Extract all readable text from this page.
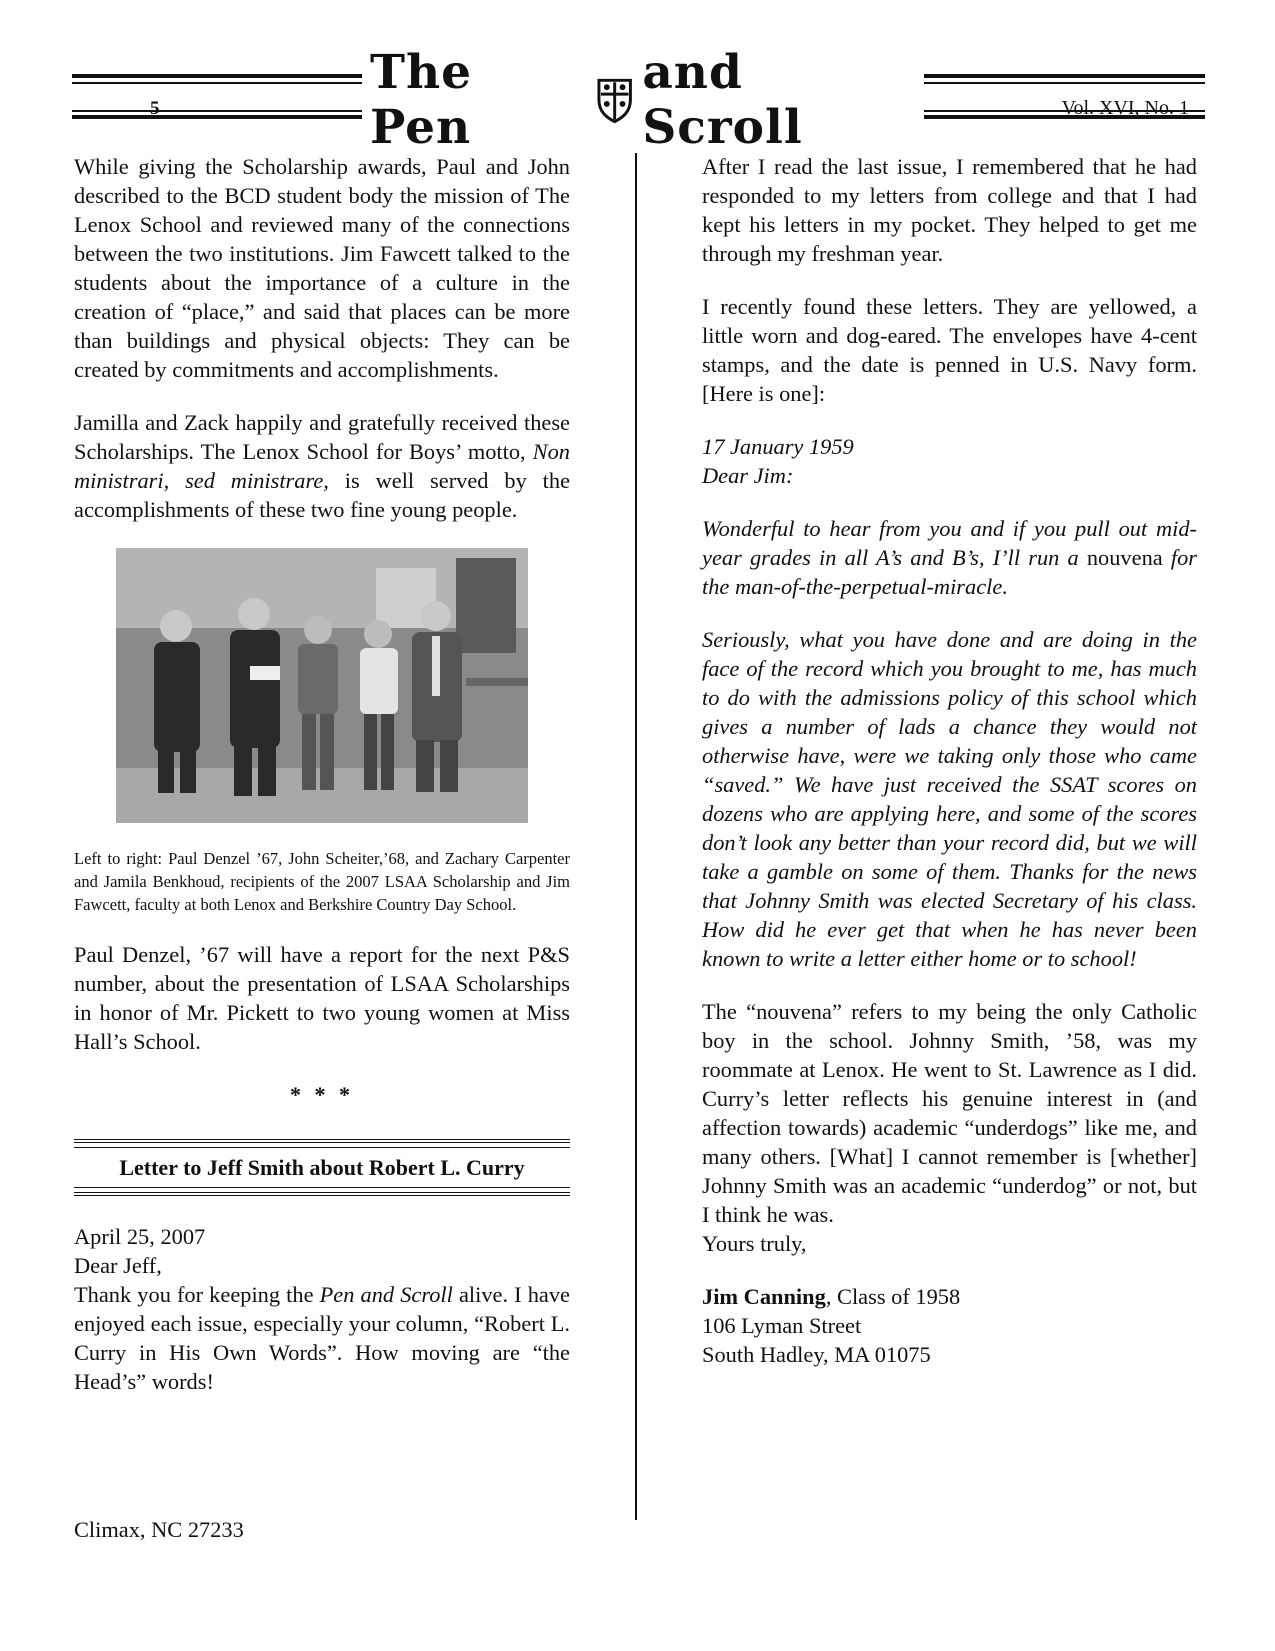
5
The Pen
and Scroll	Vol. XVI, No. 1

While giving the Scholarship awards, Paul and John described to the BCD student body the mission of The Lenox School and reviewed many of the connections between the two institutions. Jim Fawcett talked to the students about the importance of a culture in the creation of “place,” and said that places can be more than buildings and physical objects: They can be created by commitments and accomplishments.

Jamilla and Zack happily and gratefully received these Scholarships. The Lenox School for Boys’ motto, Non ministrari, sed ministrare, is well served by the accomplishments of these two fine young people.

Left to right: Paul Denzel ’67, John Scheiter,’68, and Zachary Carpenter and Jamila Benkhoud, recipients of the 2007 LSAA Scholarship and Jim Fawcett, faculty at both Lenox and Berkshire Country Day School.

Paul Denzel, ’67 will have a report for the next P&S number, about the presentation of LSAA Scholarships in honor of Mr. Pickett to two young women at Miss Hall’s School.

* * *
Letter to Jeff Smith about Robert L. Curry
April 25, 2007
Dear Jeff,

Thank you for keeping the Pen and Scroll alive. I have enjoyed each issue, especially your column, “Robert L. Curry in His Own Words”. How moving are “the Head’s” words!

Climax, NC 27233

After I read the last issue, I remembered that he had responded to my letters from college and that I had kept his letters in my pocket. They helped to get me through my freshman year.

I recently found these letters. They are yellowed, a little worn and dog-eared. The envelopes have 4-cent stamps, and the date is penned in U.S. Navy form. [Here is one]:

17 January 1959

Dear Jim:

Wonderful to hear from you and if you pull out mid-year grades in all A’s and B’s, I’ll run a nouvena for the man-of-the-perpetual-miracle.

Seriously, what you have done and are doing in the face of the record which you brought to me, has much to do with the admissions policy of this school which gives a number of lads a chance they would not otherwise have, were we taking only those who came “saved.” We have just received the SSAT scores on dozens who are applying here, and some of the scores don’t look any better than your record did, but we will take a gamble on some of them. Thanks for the news that Johnny Smith was elected Secretary of his class. How did he ever get that when he has never been known to write a letter either home or to school!

The “nouvena” refers to my being the only Catholic boy in the school. Johnny Smith, ’58, was my roommate at Lenox. He went to St. Lawrence as I did. Curry’s letter reflects his genuine interest in (and affection towards) academic “underdogs” like me, and many others. [What] I cannot remember is [whether] Johnny Smith was an academic “underdog” or not, but I think he was.

Yours truly,

Jim Canning, Class of 1958
106 Lyman Street
South Hadley, MA 01075
